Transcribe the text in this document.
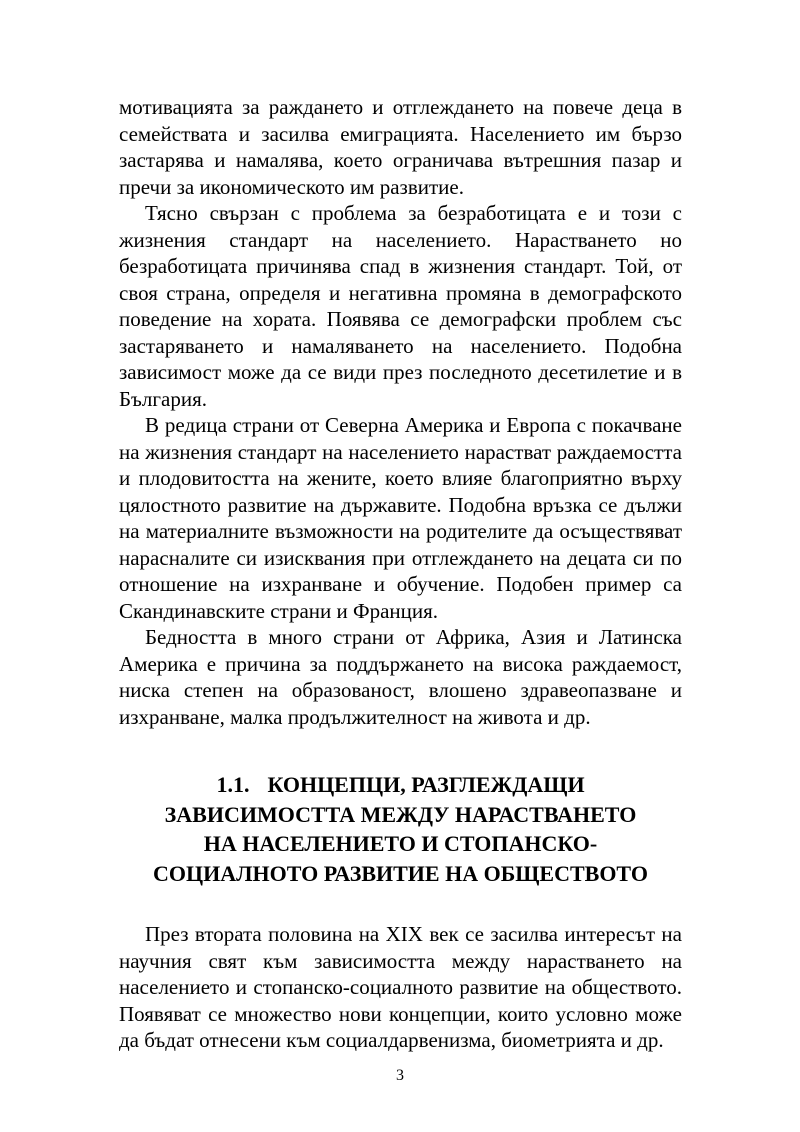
мотивацията за раждането и отглеждането на повече деца в семействата и засилва емиграцията. Населението им бързо застарява и намалява, което ограничава вътрешния пазар и пречи за икономическото им развитие.

Тясно свързан с проблема за безработицата е и този с жизнения стандарт на населението. Нарастването но безработицата причинява спад в жизнения стандарт. Той, от своя страна, определя и негативна промяна в демографското поведение на хората. Появява се демографски проблем със застаряването и намаляването на населението. Подобна зависимост може да се види през последното десетилетие и в България.

В редица страни от Северна Америка и Европа с покачване на жизнения стандарт на населението нарастват раждаемостта и плодовитостта на жените, което влияе благоприятно върху цялостното развитие на държавите. Подобна връзка се дължи на материалните възможности на родителите да осъществяват нарасналите си изисквания при отглеждането на децата си по отношение на изхранване и обучение. Подобен пример са Скандинавските страни и Франция.

Бедността в много страни от Африка, Азия и Латинска Америка е причина за поддържането на висока раждаемост, ниска степен на образованост, влошено здравеопазване и изхранване, малка продължителност на живота и др.

1.1. КОНЦЕПЦИ, РАЗГЛЕЖДАЩИ
ЗАВИСИМОСТТА МЕЖДУ НАРАСТВАНЕТО
НА НАСЕЛЕНИЕТО И СТОПАНСКО-
СОЦИАЛНОТО РАЗВИТИЕ НА ОБЩЕСТВОТО

През втората половина на XIX век се засилва интересът на научния свят към зависимостта между нарастването на населението и стопанско-социалното развитие на обществото. Появяват се множество нови концепции, които условно може да бъдат отнесени към социалдарвенизма, биометрията и др.

3
